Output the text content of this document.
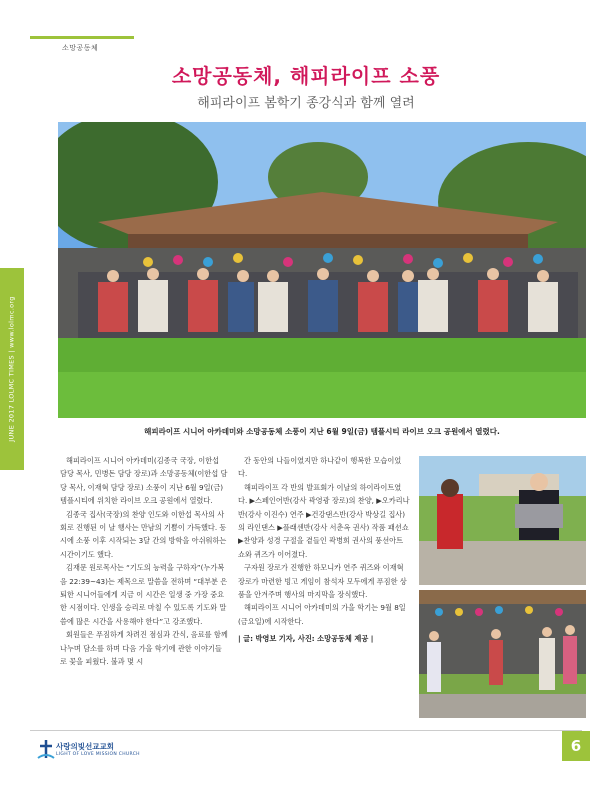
소망공동체
소망공동체, 해피라이프 소풍
해피라이프 봄학기 종강식과 함께 열려
JUNE 2017 LOLMC TIMES | www.lolmc.org	해피라이프 시니어 아카데미와 소망공동체 소풍이 지난 6월 9일(금) 템플시티 라이브 오크 공원에서 열렸다.

해피라이프 시니어 아카데미(김종국 국장, 이한섭 담당 목사, 민병돈 담당 장로)과 소망공동체(이한섭 담당 목사, 이재혁 담당 장로) 소풍이 지난 6월 9일(금) 템플시티에 위치한 라이브 오크 공원에서 열렸다.

김종국 집사(국장)의 찬양 인도와 이한섭 목사의 사회로 진행된 이 날 행사는 만남의 기쁨이 가득했다. 동시에 소풍 이후 시작되는 3달 간의 방학을 아쉬워하는 시간이기도 했다.

김재문 원로목사는 “기도의 능력을 구하자”(누가복음 22:39~43)는 제목으로 말씀을 전하며 “대부분 은퇴한 시니어들에게 지금 이 시간은 일생 중 가장 중요한 시점이다. 인생을 승리로 마칠 수 있도록 기도와 말씀에 많은 시간을 사용해야 한다”고 강조했다.

회원들은 푸짐하게 차려진 점심과 간식, 음료를 함께 나누며 담소를 하며 다음 가을 학기에 관한 이야기들로 꽃을 피웠다. 불과 몇 시

간 동안의 나들이였지만 하나같이 행복한 모습이었다.

해피라이프 각 반의 발표회가 이날의 하이라이트였다. ▶스페인어반(강사 곽영광 장로)의 찬양, ▶오카리나반(강사 이진수) 연주 ▶건강댄스반(강사 박상길 집사)의 라인댄스 ▶플래센반(강사 서춘옥 권사) 작품 패션쇼 ▶찬양과 성경 구절을 곁들인 곽병희 권사의 풍선아트 쇼와 퀴즈가 이어졌다.

구자원 장로가 진행한 하모니카 연주 퀴즈와 이재혁 장로가 마련한 빙고 게임이 참석자 모두에게 푸짐한 상품을 안겨주며 행사의 마지막을 장식했다.

해피라이프 시니어 아카데미의 가을 학기는 9월 8일(금요일)에 시작한다.

| 글: 박영보 기자, 사진: 소망공동체 제공 |

사랑의빛선교교회
LIGHT OF LOVE MISSION CHURCH	6
